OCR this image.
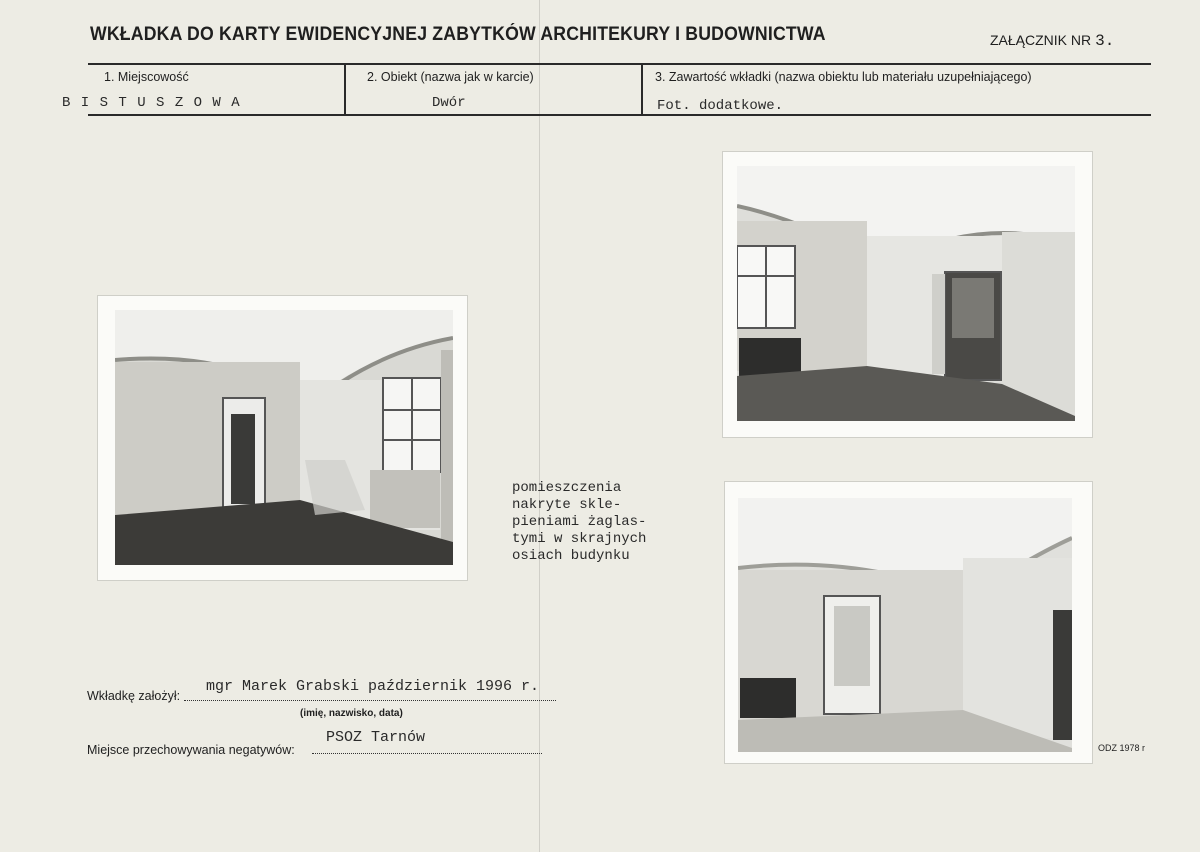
WKŁADKA DO KARTY EWIDENCYJNEJ ZABYTKÓW ARCHITEKURY I BUDOWNICTWA	ZAŁĄCZNIK NR 3.
1. Miejscowość
B I S T U S Z O W A
2. Obiekt (nazwa jak w karcie)
Dwór
3. Zawartość wkładki (nazwa obiektu lub materiału uzupełniającego)
Fot. dodatkowe.
pomieszczenia
nakryte skle-
pieniami żaglas-
tymi w skrajnych
osiach budynku
Wkładkę założył:
mgr Marek Grabski październik 1996 r.
(imię, nazwisko, data)
Miejsce przechowywania negatywów:
PSOZ Tarnów
ODZ 1978 r
